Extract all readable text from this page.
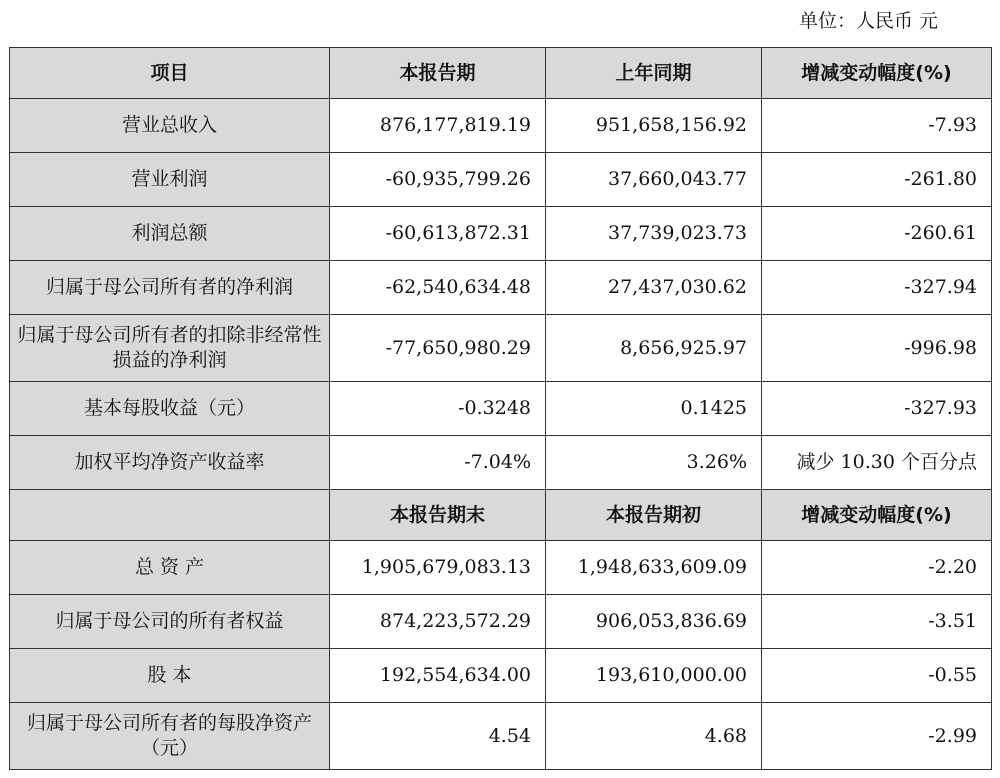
单位：人民币 元
项目	本报告期	上年同期	增减变动幅度(%)
营业总收入	876,177,819.19	951,658,156.92	-7.93
营业利润	-60,935,799.26	37,660,043.77	-261.80
利润总额	-60,613,872.31	37,739,023.73	-260.61
归属于母公司所有者的净利润	-62,540,634.48	27,437,030.62	-327.94
归属于母公司所有者的扣除非经常性损益的净利润	-77,650,980.29	8,656,925.97	-996.98
基本每股收益（元）	-0.3248	0.1425	-327.93
加权平均净资产收益率	-7.04%	3.26%	减少 10.30 个百分点
	本报告期末	本报告期初	增减变动幅度(%)
总 资 产	1,905,679,083.13	1,948,633,609.09	-2.20
归属于母公司的所有者权益	874,223,572.29	906,053,836.69	-3.51
股 本	192,554,634.00	193,610,000.00	-0.55
归属于母公司所有者的每股净资产（元）	4.54	4.68	-2.99
